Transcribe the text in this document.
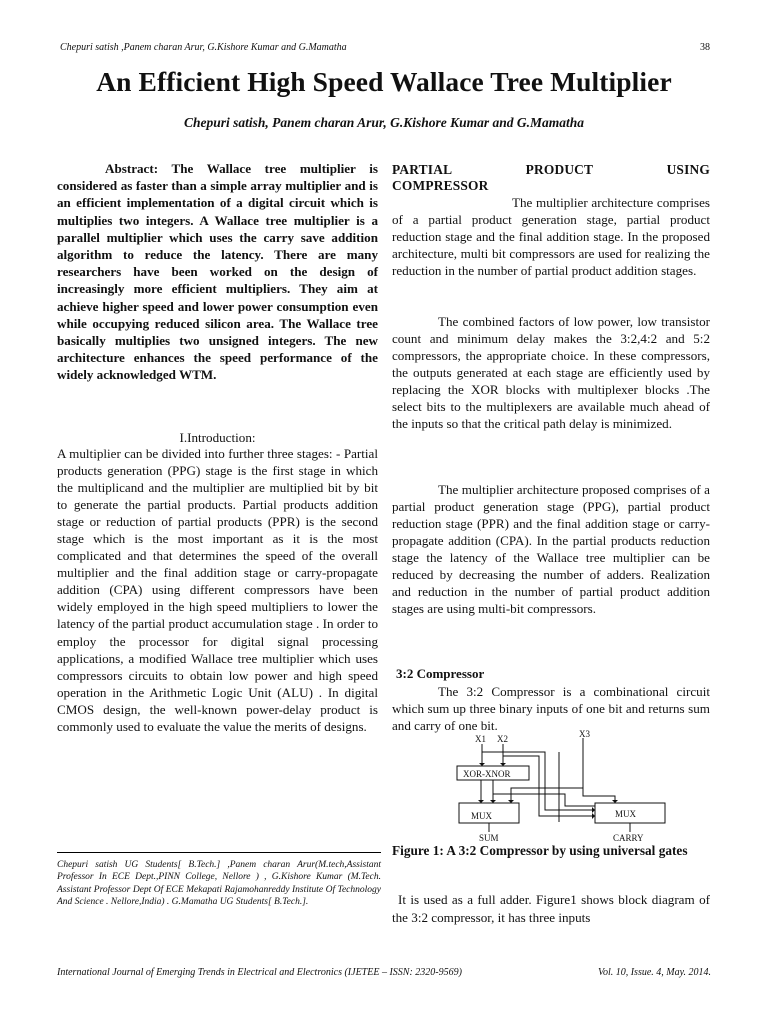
Chepuri satish ,Panem charan Arur, G.Kishore Kumar and G.Mamatha	38
An Efficient High Speed Wallace Tree Multiplier
Chepuri satish, Panem charan Arur, G.Kishore Kumar and G.Mamatha

Abstract: The Wallace tree multiplier is considered as faster than a simple array multiplier and is an efficient implementation of a digital circuit which is multiplies two integers. A Wallace tree multiplier is a parallel multiplier which uses the carry save addition algorithm to reduce the latency. There are many researchers have been worked on the design of increasingly more efficient multipliers. They aim at achieve higher speed and lower power consumption even while occupying reduced silicon area. The Wallace tree basically multiplies two unsigned integers. The new architecture enhances the speed performance of the widely acknowledged WTM.

I.Introduction:

A multiplier can be divided into further three stages: - Partial products generation (PPG) stage is the first stage in which the multiplicand and the multiplier are multiplied bit by bit to generate the partial products. Partial products addition stage or reduction of partial products (PPR) is the second stage which is the most important as it is the most complicated and that determines the speed of the overall multiplier and the final addition stage or carry-propagate addition (CPA) using different compressors have been widely employed in the high speed multipliers to lower the latency of the partial product accumulation stage . In order to employ the processor for digital signal processing applications, a modified Wallace tree multiplier which uses compressors circuits to obtain low power and high speed operation in the Arithmetic Logic Unit (ALU) . In digital CMOS design, the well-known power-delay product is commonly used to evaluate the value the merits of designs.

Chepuri satish UG Students[ B.Tech.] ,Panem charan Arur(M.tech,Assistant Professor In ECE Dept.,PINN College, Nellore ) , G.Kishore Kumar (M.Tech. Assistant Professor Dept Of ECE Mekapati Rajamohanreddy Institute Of Technology And Science . Nellore,India) . G.Mamatha UG Students[ B.Tech.].

PARTIAL	PRODUCT	USING
COMPRESSOR

The multiplier architecture comprises of a partial product generation stage, partial product reduction stage and the final addition stage. In the proposed architecture, multi bit compressors are used for realizing the reduction in the number of partial product addition stages.

The combined factors of low power, low transistor count and minimum delay makes the 3:2,4:2 and 5:2 compressors, the appropriate choice. In these compressors, the outputs generated at each stage are efficiently used by replacing the XOR blocks with multiplexer blocks .The select bits to the multiplexers are available much ahead of the inputs so that the critical path delay is minimized.

The multiplier architecture proposed comprises of a partial product generation stage (PPG), partial product reduction stage (PPR) and the final addition stage or carry-propagate addition (CPA). In the partial products reduction stage the latency of the Wallace tree multiplier can be reduced by decreasing the number of adders. Realization and reduction in the number of partial product addition stages are using multi-bit compressors.

3:2 Compressor

The 3:2 Compressor is a combinational circuit which sum up three binary inputs of one bit and returns sum and carry of one bit.

X1 X2	X3
XOR-XNOR
MUX	MUX
SUM	CARRY
Figure 1: A 3:2 Compressor by using universal gates

It is used as a full adder. Figure1 shows block diagram of the 3:2 compressor, it has three inputs

International Journal of Emerging Trends in Electrical and Electronics (IJETEE – ISSN: 2320-9569)	Vol. 10, Issue. 4, May. 2014.
